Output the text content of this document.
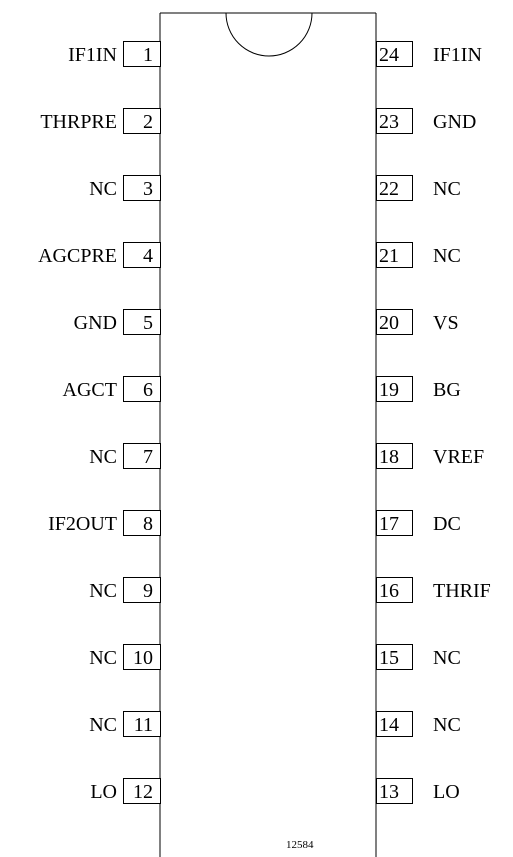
1
IF1IN
2
THRPRE
3
NC
4
AGCPRE
5
GND
6
AGCT
7
NC
8
IF2OUT
9
NC
10
NC
11
NC
12
LO	13 LO
14 NC
15 NC
16 THRIF
17 DC
18 VREF
19 BG
20 VS
21 NC
22 NC
23 GND
24 IF1IN
12584
